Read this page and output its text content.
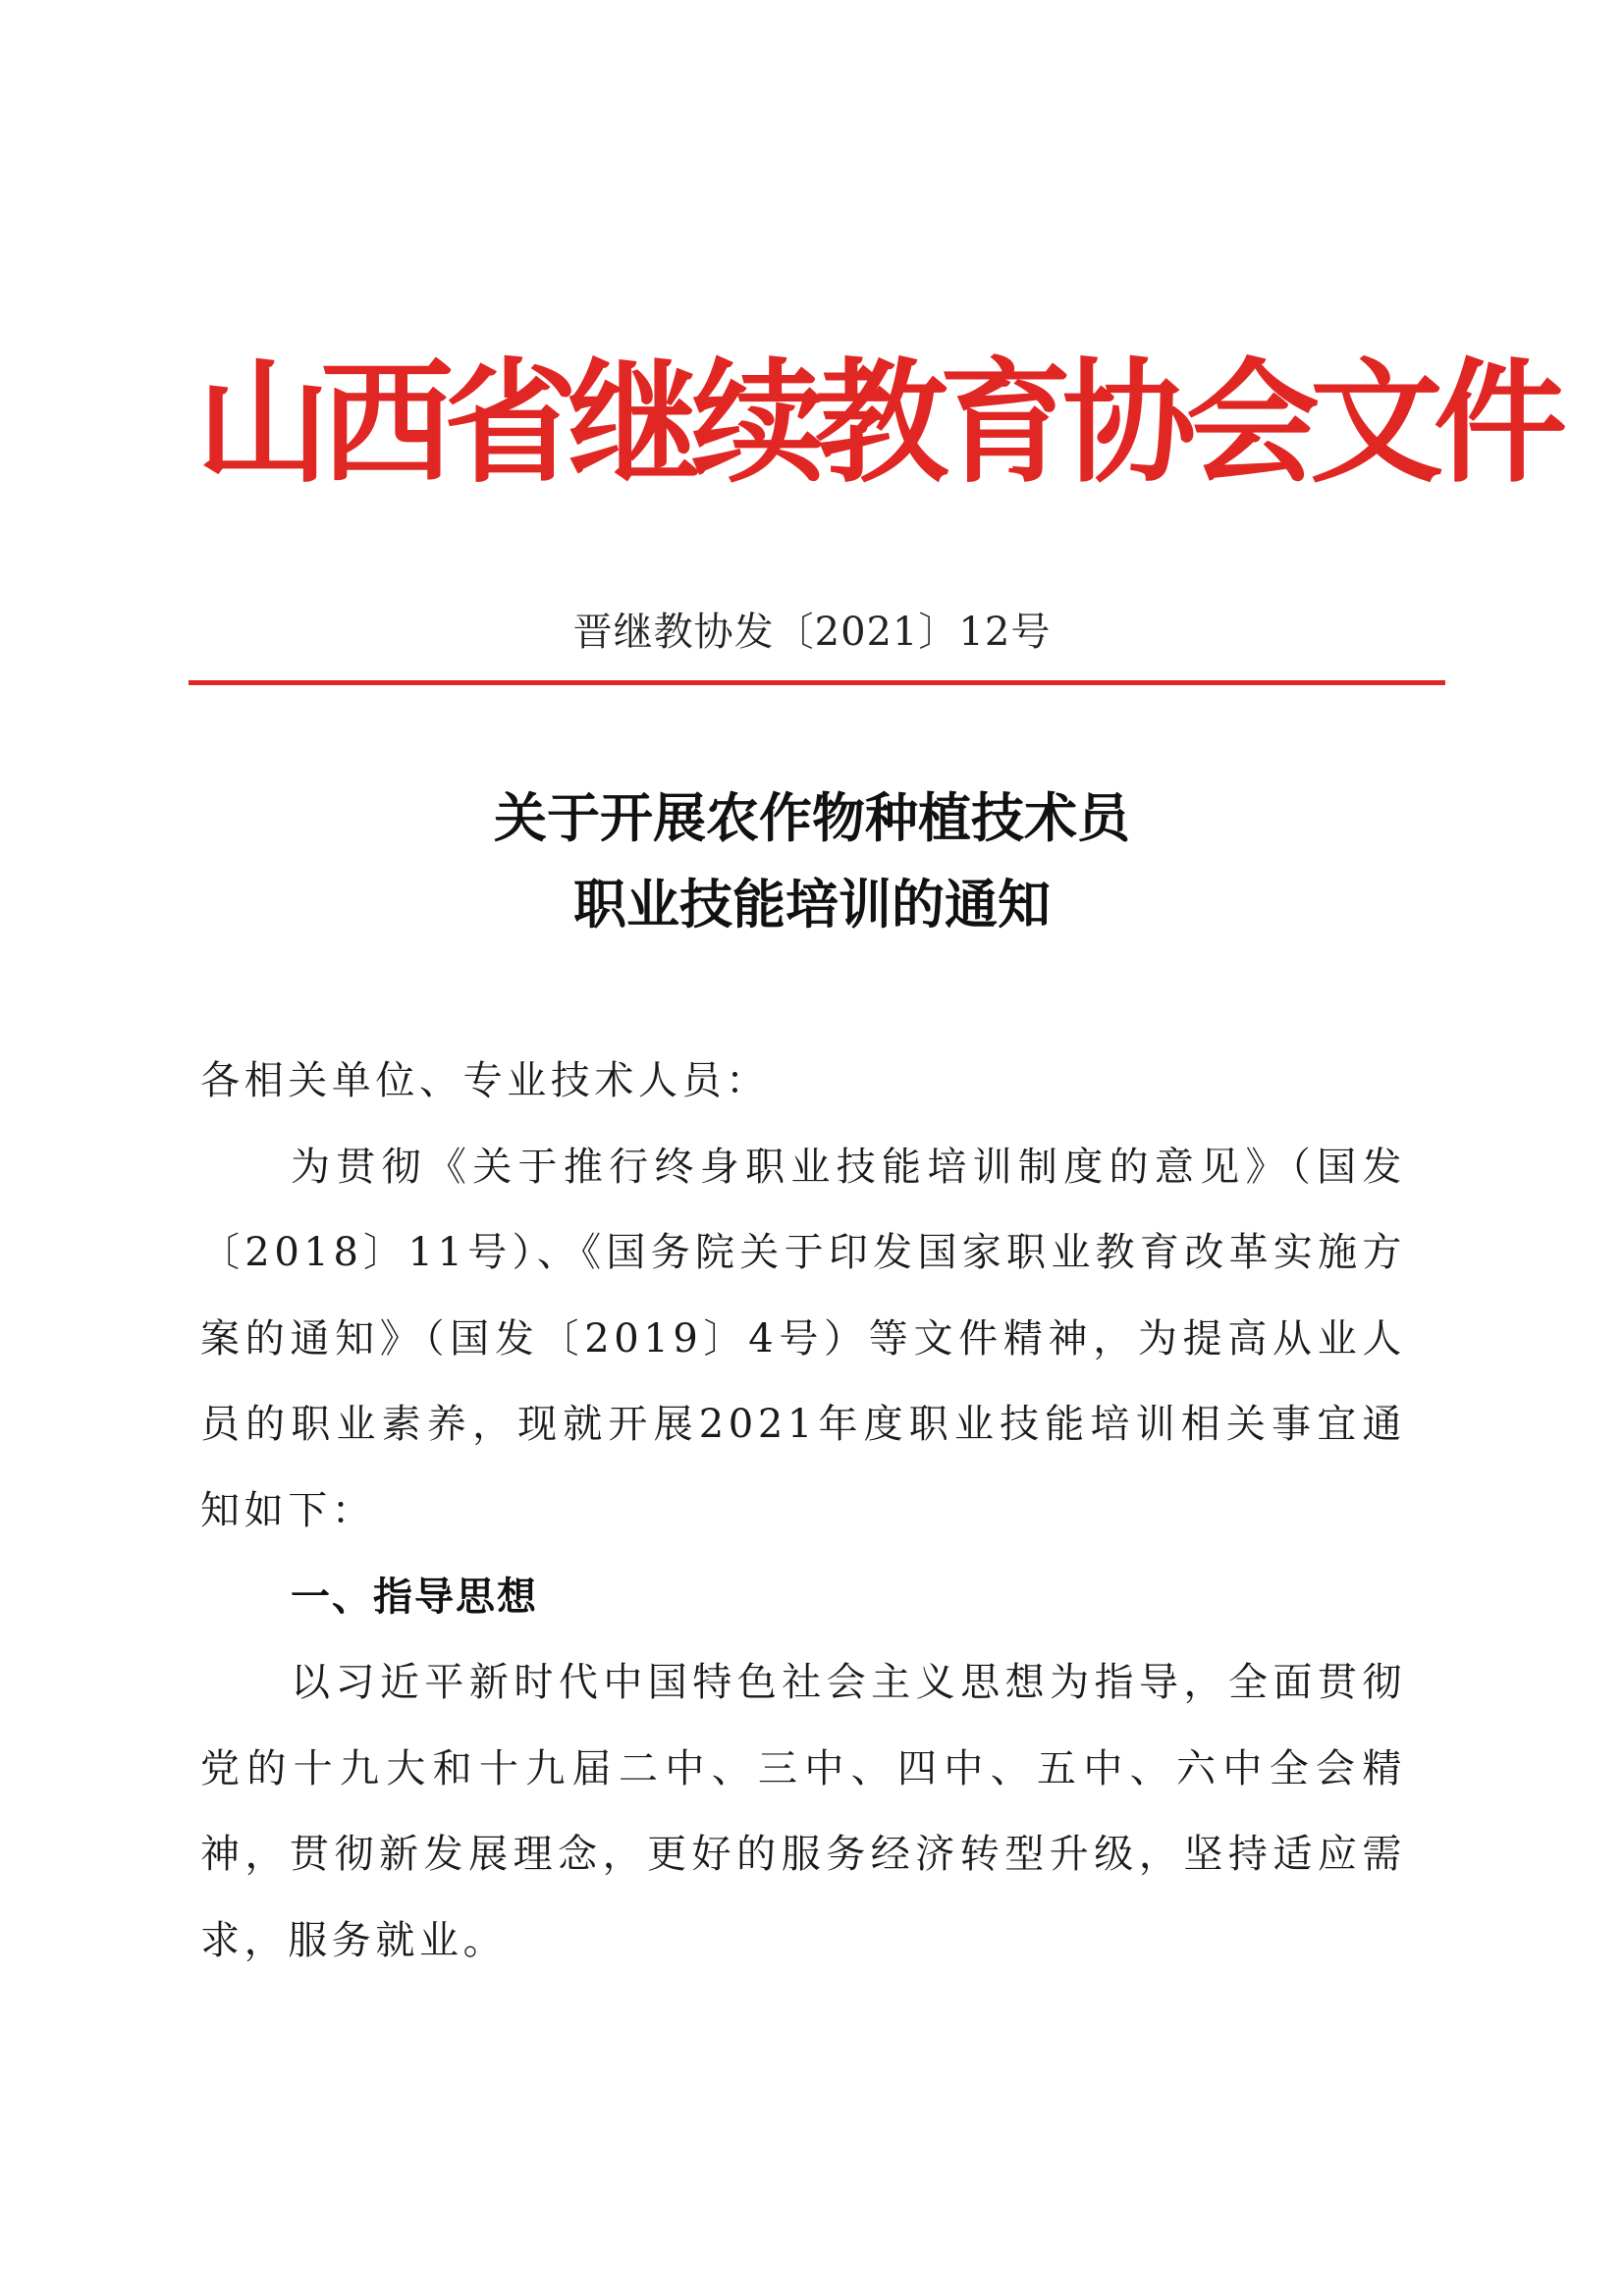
山
西
省
继
续
教
育
协
会
文
件
晋继教协发〔2021〕12号
关于开展农作物种植技术员
职业技能培训的通知

各相关单位、专业技术人员：

为贯彻《关于推行终身职业技能培训制度的意见》（国发〔2018〕11号）、《国务院关于印发国家职业教育改革实施方案的通知》（国发〔2019〕4号）等文件精神，为提高从业人员的职业素养，现就开展2021年度职业技能培训相关事宜通知如下：

一、指导思想

以习近平新时代中国特色社会主义思想为指导，全面贯彻党的十九大和十九届二中、三中、四中、五中、六中全会精神，贯彻新发展理念，更好的服务经济转型升级，坚持适应需求，服务就业。
